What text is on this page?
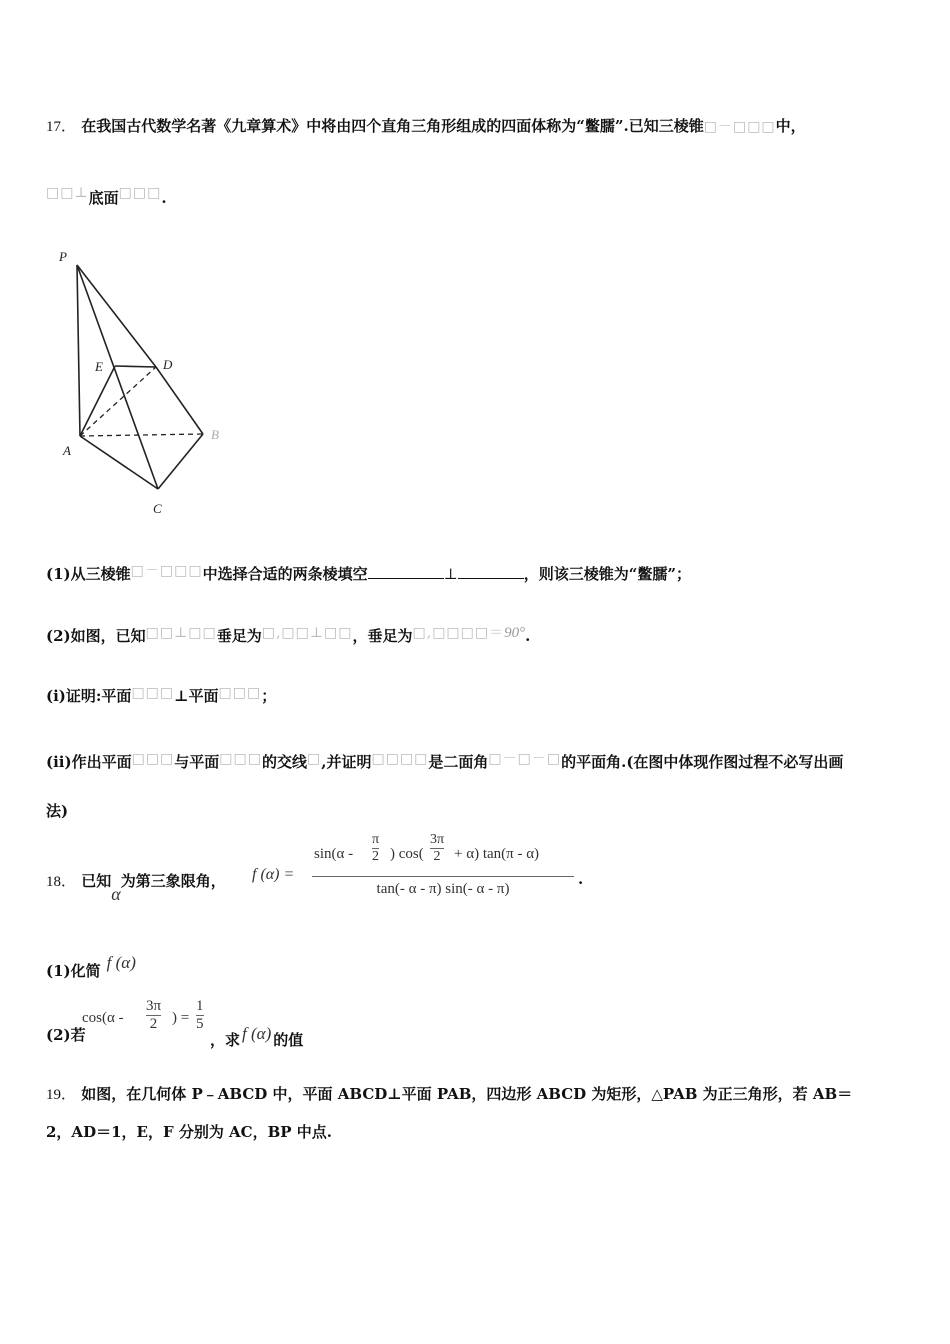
17． 在我国古代数学名著《九章算术》中将由四个直角三角形组成的四面体称为“鳖臑”.已知三棱锥□－□□□中，
□□⊥底面□□□.
P
E	D
A
B
C
(1)从三棱锥□－□□□中选择合适的两条棱填空	⊥	，则该三棱锥为“鳖臑”；
(2)如图，已知□□⊥□□垂足为□,□□⊥□□，垂足为□,□□□□＝90°.
(i)证明:平面□□□⊥平面□□□；
(ii)作出平面□□□与平面□□□的交线□,并证明□□□□是二面角□－□－□的平面角.(在图中体现作图过程不必写出画
法)
18． 已知α为第三象限角， f (α) =
sin(α -
π
2 ) cos(
3π
2 + α) tan(π - α)
tan(- α - π) sin(- α - π)
.
(1)化简 f (α)
(2)若
cos(α -
3π
2 ) =
1
5
，求 f (α) 的值
19． 如图，在几何体 P﹣ABCD 中，平面 ABCD⊥平面 PAB，四边形 ABCD 为矩形，△PAB 为正三角形，若 AB＝
2，AD＝1，E，F 分别为 AC，BP 中点.
